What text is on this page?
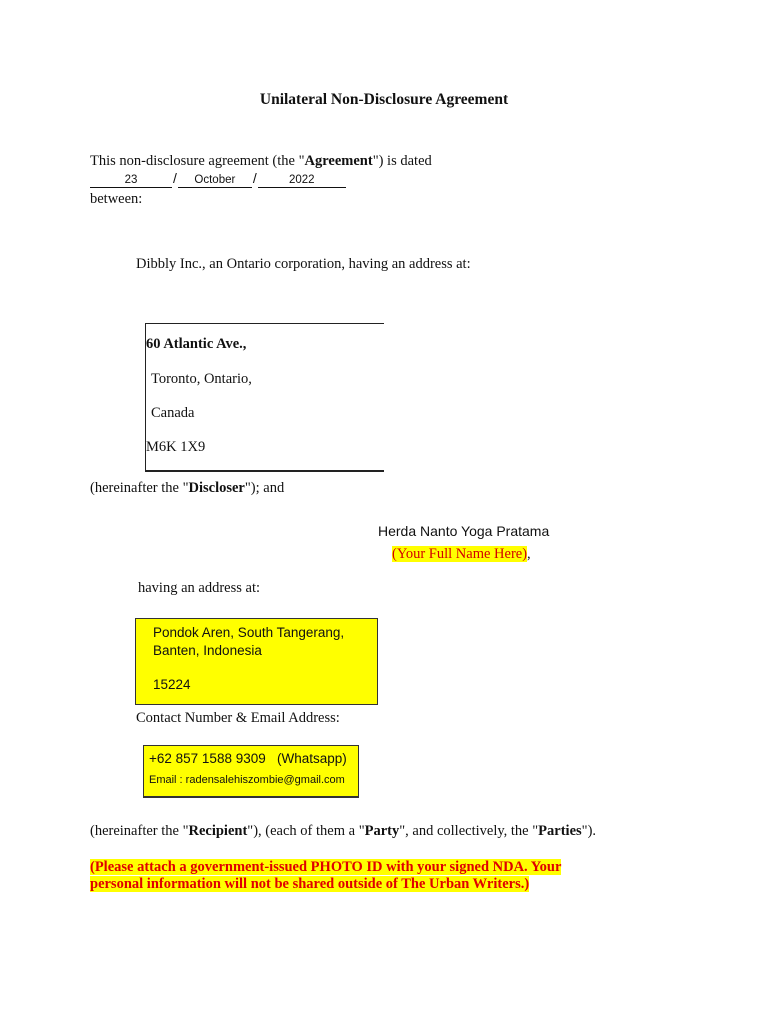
Unilateral Non-Disclosure Agreement
This non-disclosure agreement (the "Agreement") is dated
23	/ October /	2022
between:
Dibbly Inc., an Ontario corporation, having an address at:
60 Atlantic Ave.,
Toronto, Ontario,
Canada
M6K 1X9
(hereinafter the "Discloser"); and
Herda Nanto Yoga Pratama
(Your Full Name Here),
having an address at:
Pondok Aren, South Tangerang,
Banten, Indonesia
15224
Contact Number & Email Address:
+62 857 1588 9309 (Whatsapp)
Email : radensalehiszombie@gmail.com
(hereinafter the "Recipient"), (each of them a "Party", and collectively, the "Parties").
(Please attach a government-issued PHOTO ID with your signed NDA. Your
personal information will not be shared outside of The Urban Writers.)
